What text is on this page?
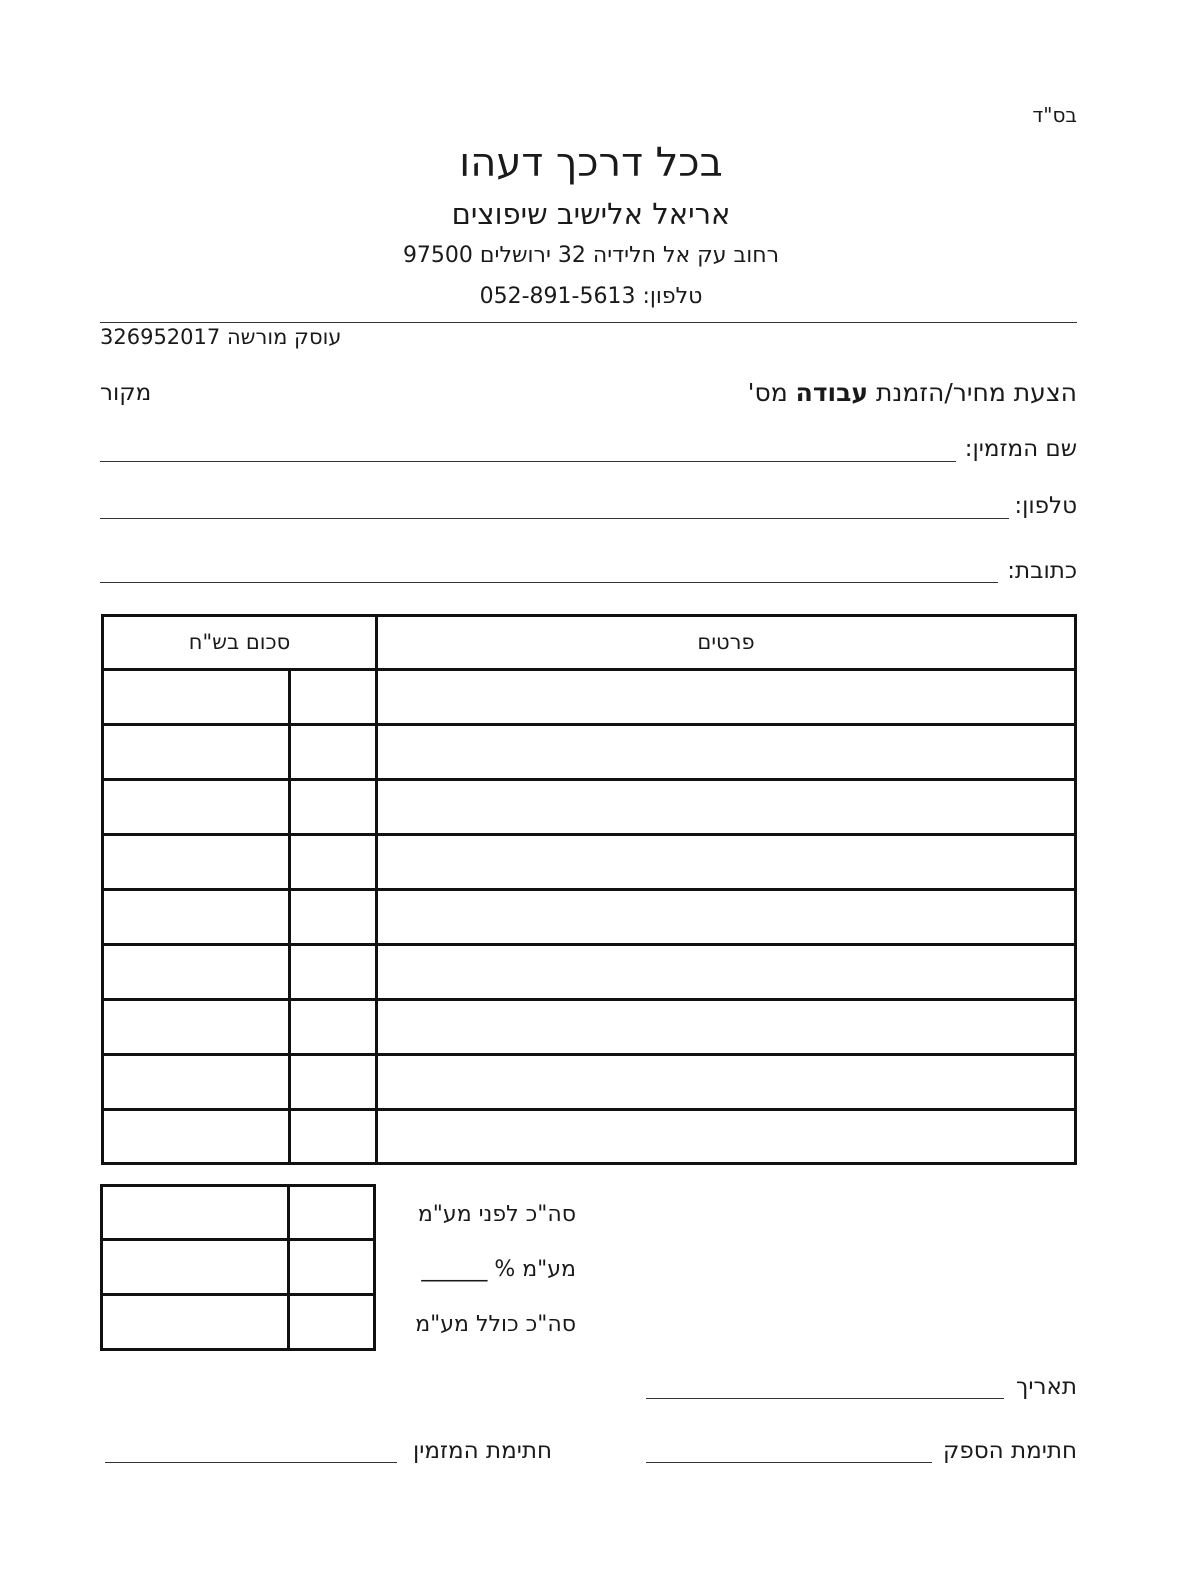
בס"ד
בכל דרכך דעהו
אריאל אלישיב שיפוצים
רחוב עק אל חלידיה 32 ירושלים 97500
טלפון: 052-891-5613
עוסק מורשה 326952017
הצעת מחיר/הזמנת עבודה מס'
מקור
שם המזמין:
טלפון:
כתובת:
פרטים
סכום בש"ח
סה"כ לפני מע"מ
מע"מ % ______
סה"כ כולל מע"מ
תאריך
חתימת הספק
חתימת המזמין
